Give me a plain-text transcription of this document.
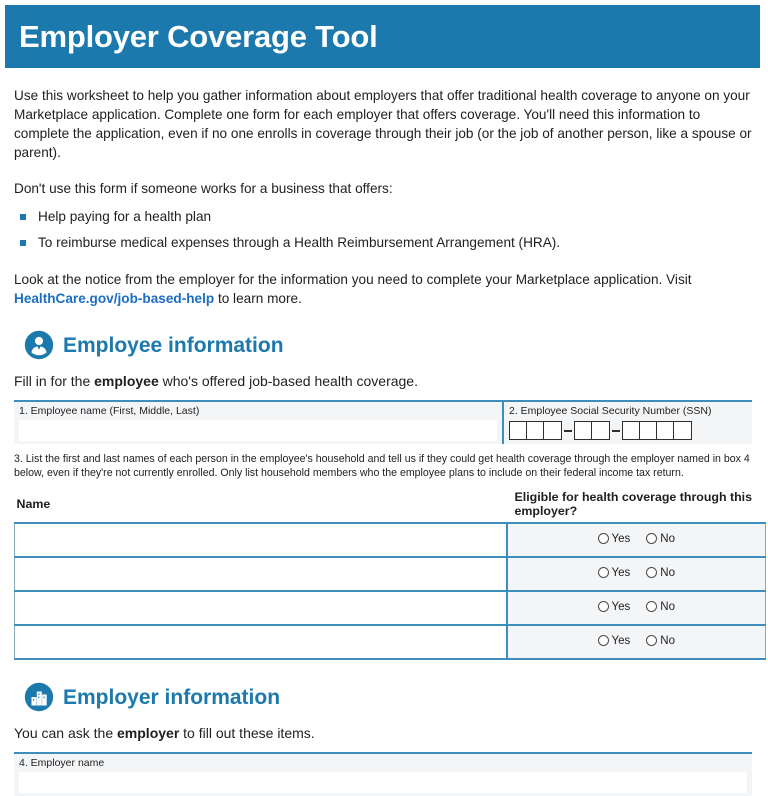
Employer Coverage Tool

Use this worksheet to help you gather information about employers that offer traditional health coverage to anyone on your Marketplace application. Complete one form for each employer that offers coverage. You'll need this information to complete the application, even if no one enrolls in coverage through their job (or the job of another person, like a spouse or parent).

Don't use this form if someone works for a business that offers:

Help paying for a health plan
To reimburse medical expenses through a Health Reimbursement Arrangement (HRA).

Look at the notice from the employer for the information you need to complete your Marketplace application. Visit HealthCare.gov/job-based-help to learn more.

Employee information

Fill in for the employee who's offered job-based health coverage.

1. Employee name (First, Middle, Last)	2. Employee Social Security Number (SSN)

3. List the first and last names of each person in the employee's household and tell us if they could get health coverage through the employer named in box 4 below, even if they're not currently enrolled. Only list household members who the employee plans to include on their federal income tax return.

Name	Eligible for health coverage through this employer?

	Yes No

	Yes No

	Yes No

	Yes No
Employer information

You can ask the employer to fill out these items.

4. Employer name
